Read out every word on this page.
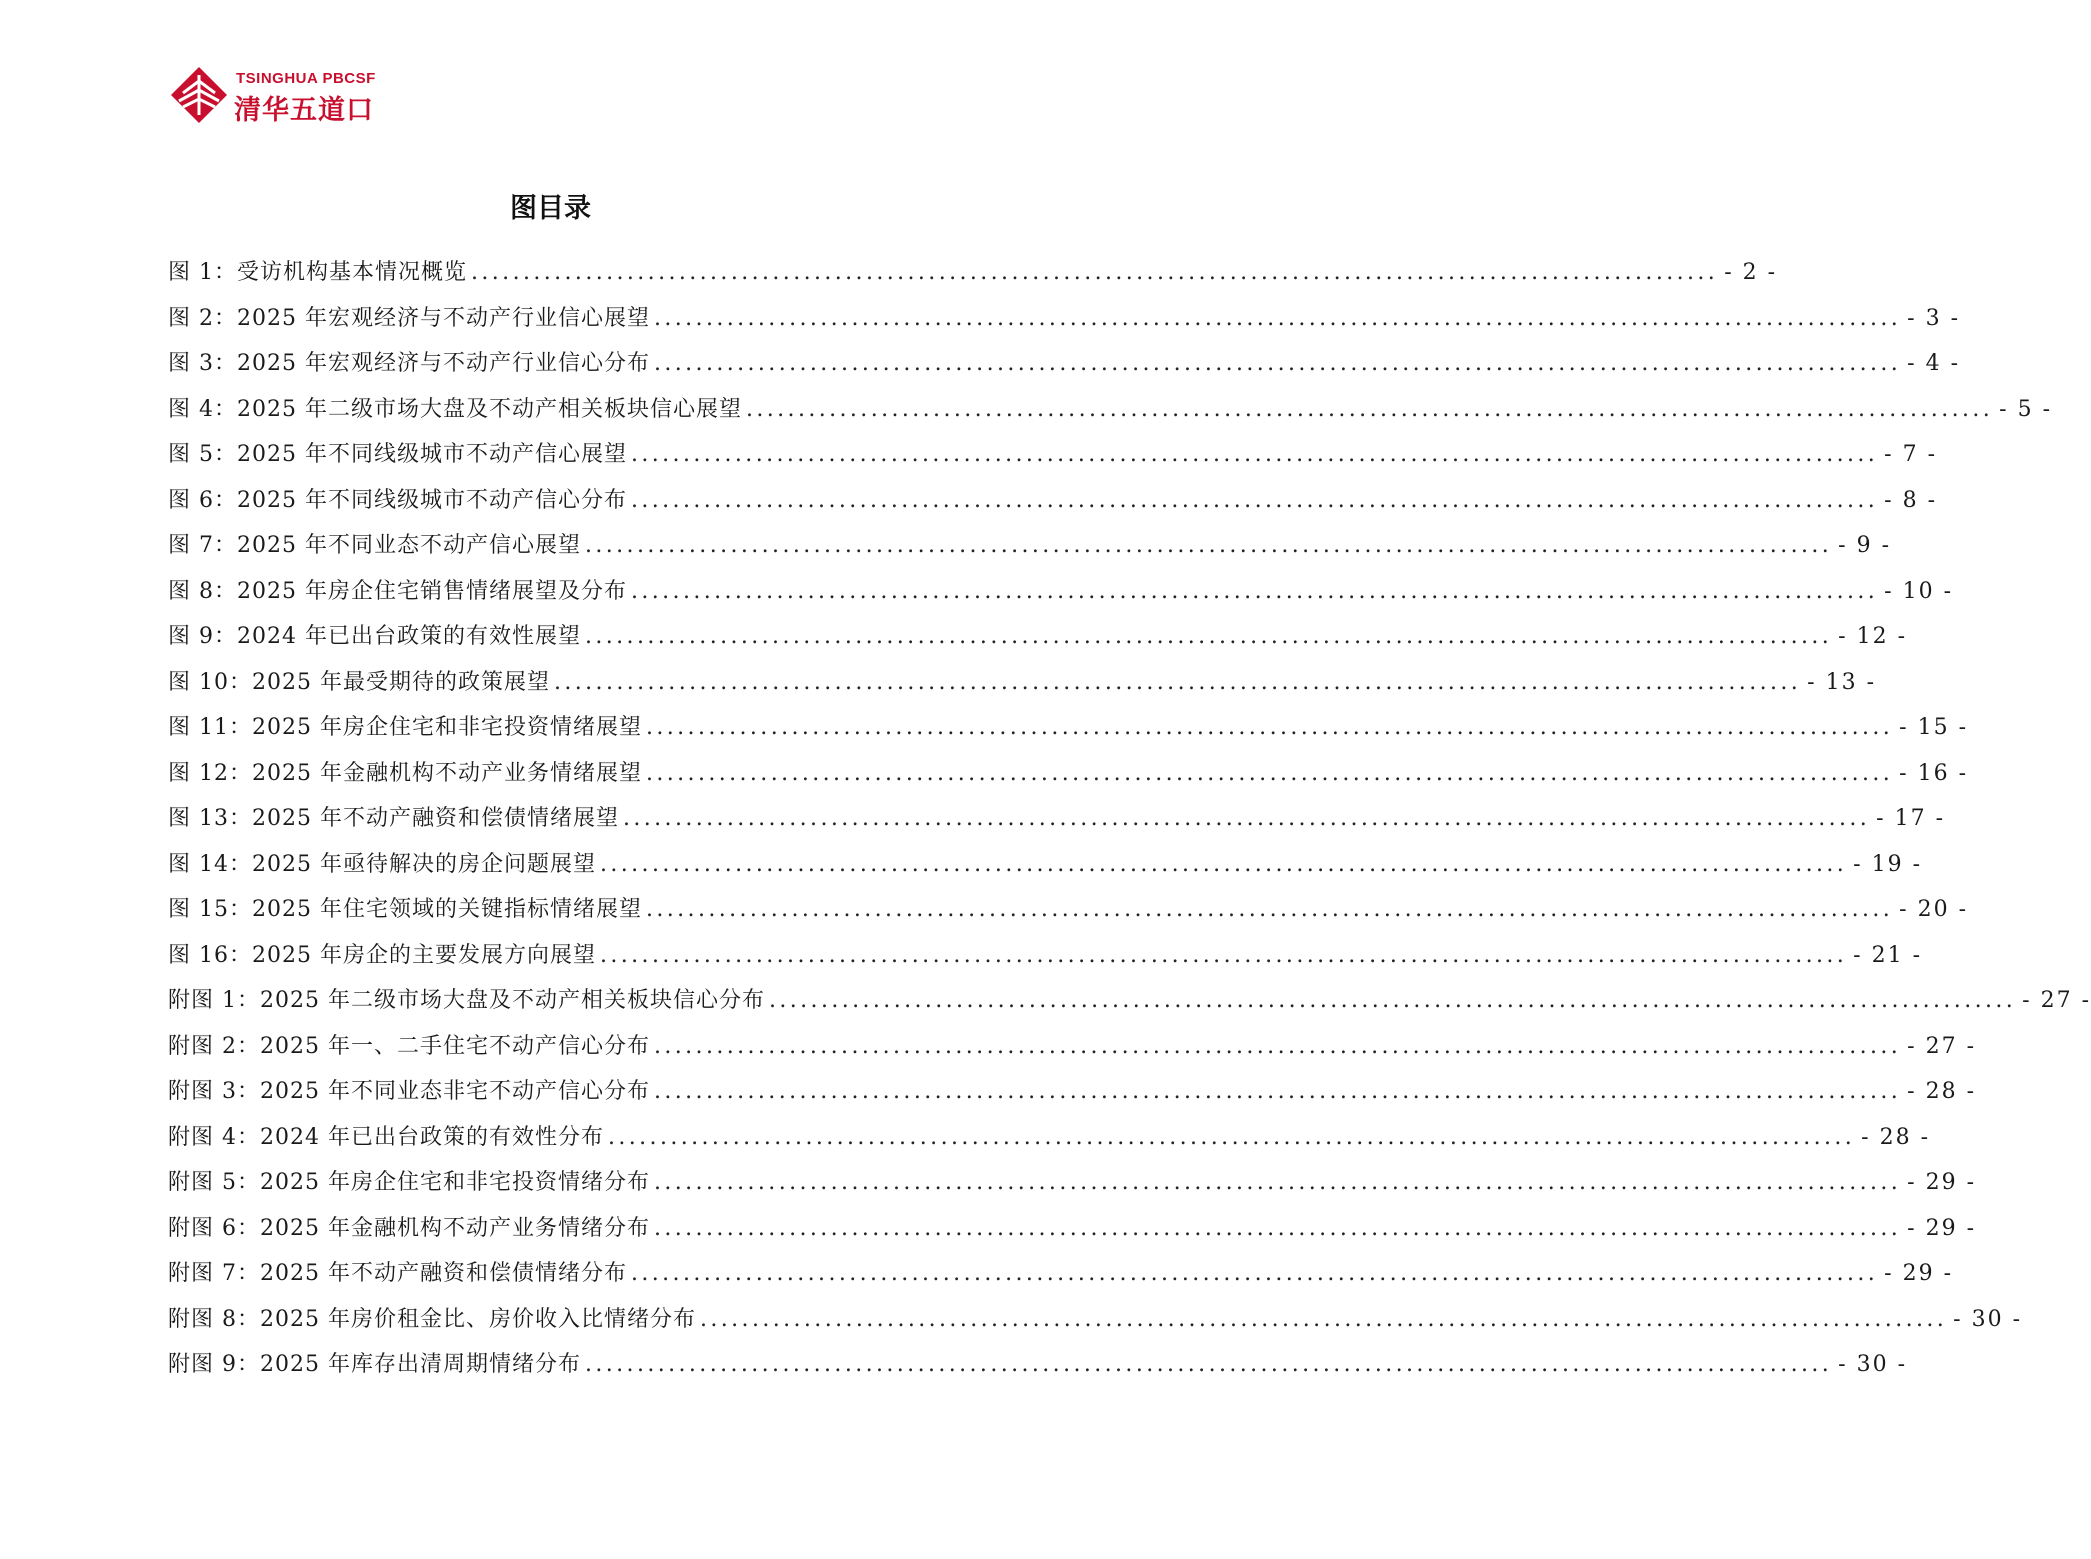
TSINGHUA PBCSF
清华五道口
图目录
图 1：受访机构基本情况概览 ........................................................................................................................ - 2 -
图 2：2025 年宏观经济与不动产行业信心展望 ........................................................................................................................ - 3 -
图 3：2025 年宏观经济与不动产行业信心分布 ........................................................................................................................ - 4 -
图 4：2025 年二级市场大盘及不动产相关板块信心展望 ........................................................................................................................ - 5 -
图 5：2025 年不同线级城市不动产信心展望 ........................................................................................................................ - 7 -
图 6：2025 年不同线级城市不动产信心分布 ........................................................................................................................ - 8 -
图 7：2025 年不同业态不动产信心展望 ........................................................................................................................ - 9 -
图 8：2025 年房企住宅销售情绪展望及分布 ........................................................................................................................ - 10 -
图 9：2024 年已出台政策的有效性展望 ........................................................................................................................ - 12 -
图 10：2025 年最受期待的政策展望 ........................................................................................................................ - 13 -
图 11：2025 年房企住宅和非宅投资情绪展望 ........................................................................................................................ - 15 -
图 12：2025 年金融机构不动产业务情绪展望 ........................................................................................................................ - 16 -
图 13：2025 年不动产融资和偿债情绪展望 ........................................................................................................................ - 17 -
图 14：2025 年亟待解决的房企问题展望 ........................................................................................................................ - 19 -
图 15：2025 年住宅领域的关键指标情绪展望 ........................................................................................................................ - 20 -
图 16：2025 年房企的主要发展方向展望 ........................................................................................................................ - 21 -
附图 1：2025 年二级市场大盘及不动产相关板块信心分布 ........................................................................................................................ - 27 -
附图 2：2025 年一、二手住宅不动产信心分布 ........................................................................................................................ - 27 -
附图 3：2025 年不同业态非宅不动产信心分布 ........................................................................................................................ - 28 -
附图 4：2024 年已出台政策的有效性分布 ........................................................................................................................ - 28 -
附图 5：2025 年房企住宅和非宅投资情绪分布 ........................................................................................................................ - 29 -
附图 6：2025 年金融机构不动产业务情绪分布 ........................................................................................................................ - 29 -
附图 7：2025 年不动产融资和偿债情绪分布 ........................................................................................................................ - 29 -
附图 8：2025 年房价租金比、房价收入比情绪分布 ........................................................................................................................ - 30 -
附图 9：2025 年库存出清周期情绪分布 ........................................................................................................................ - 30 -
